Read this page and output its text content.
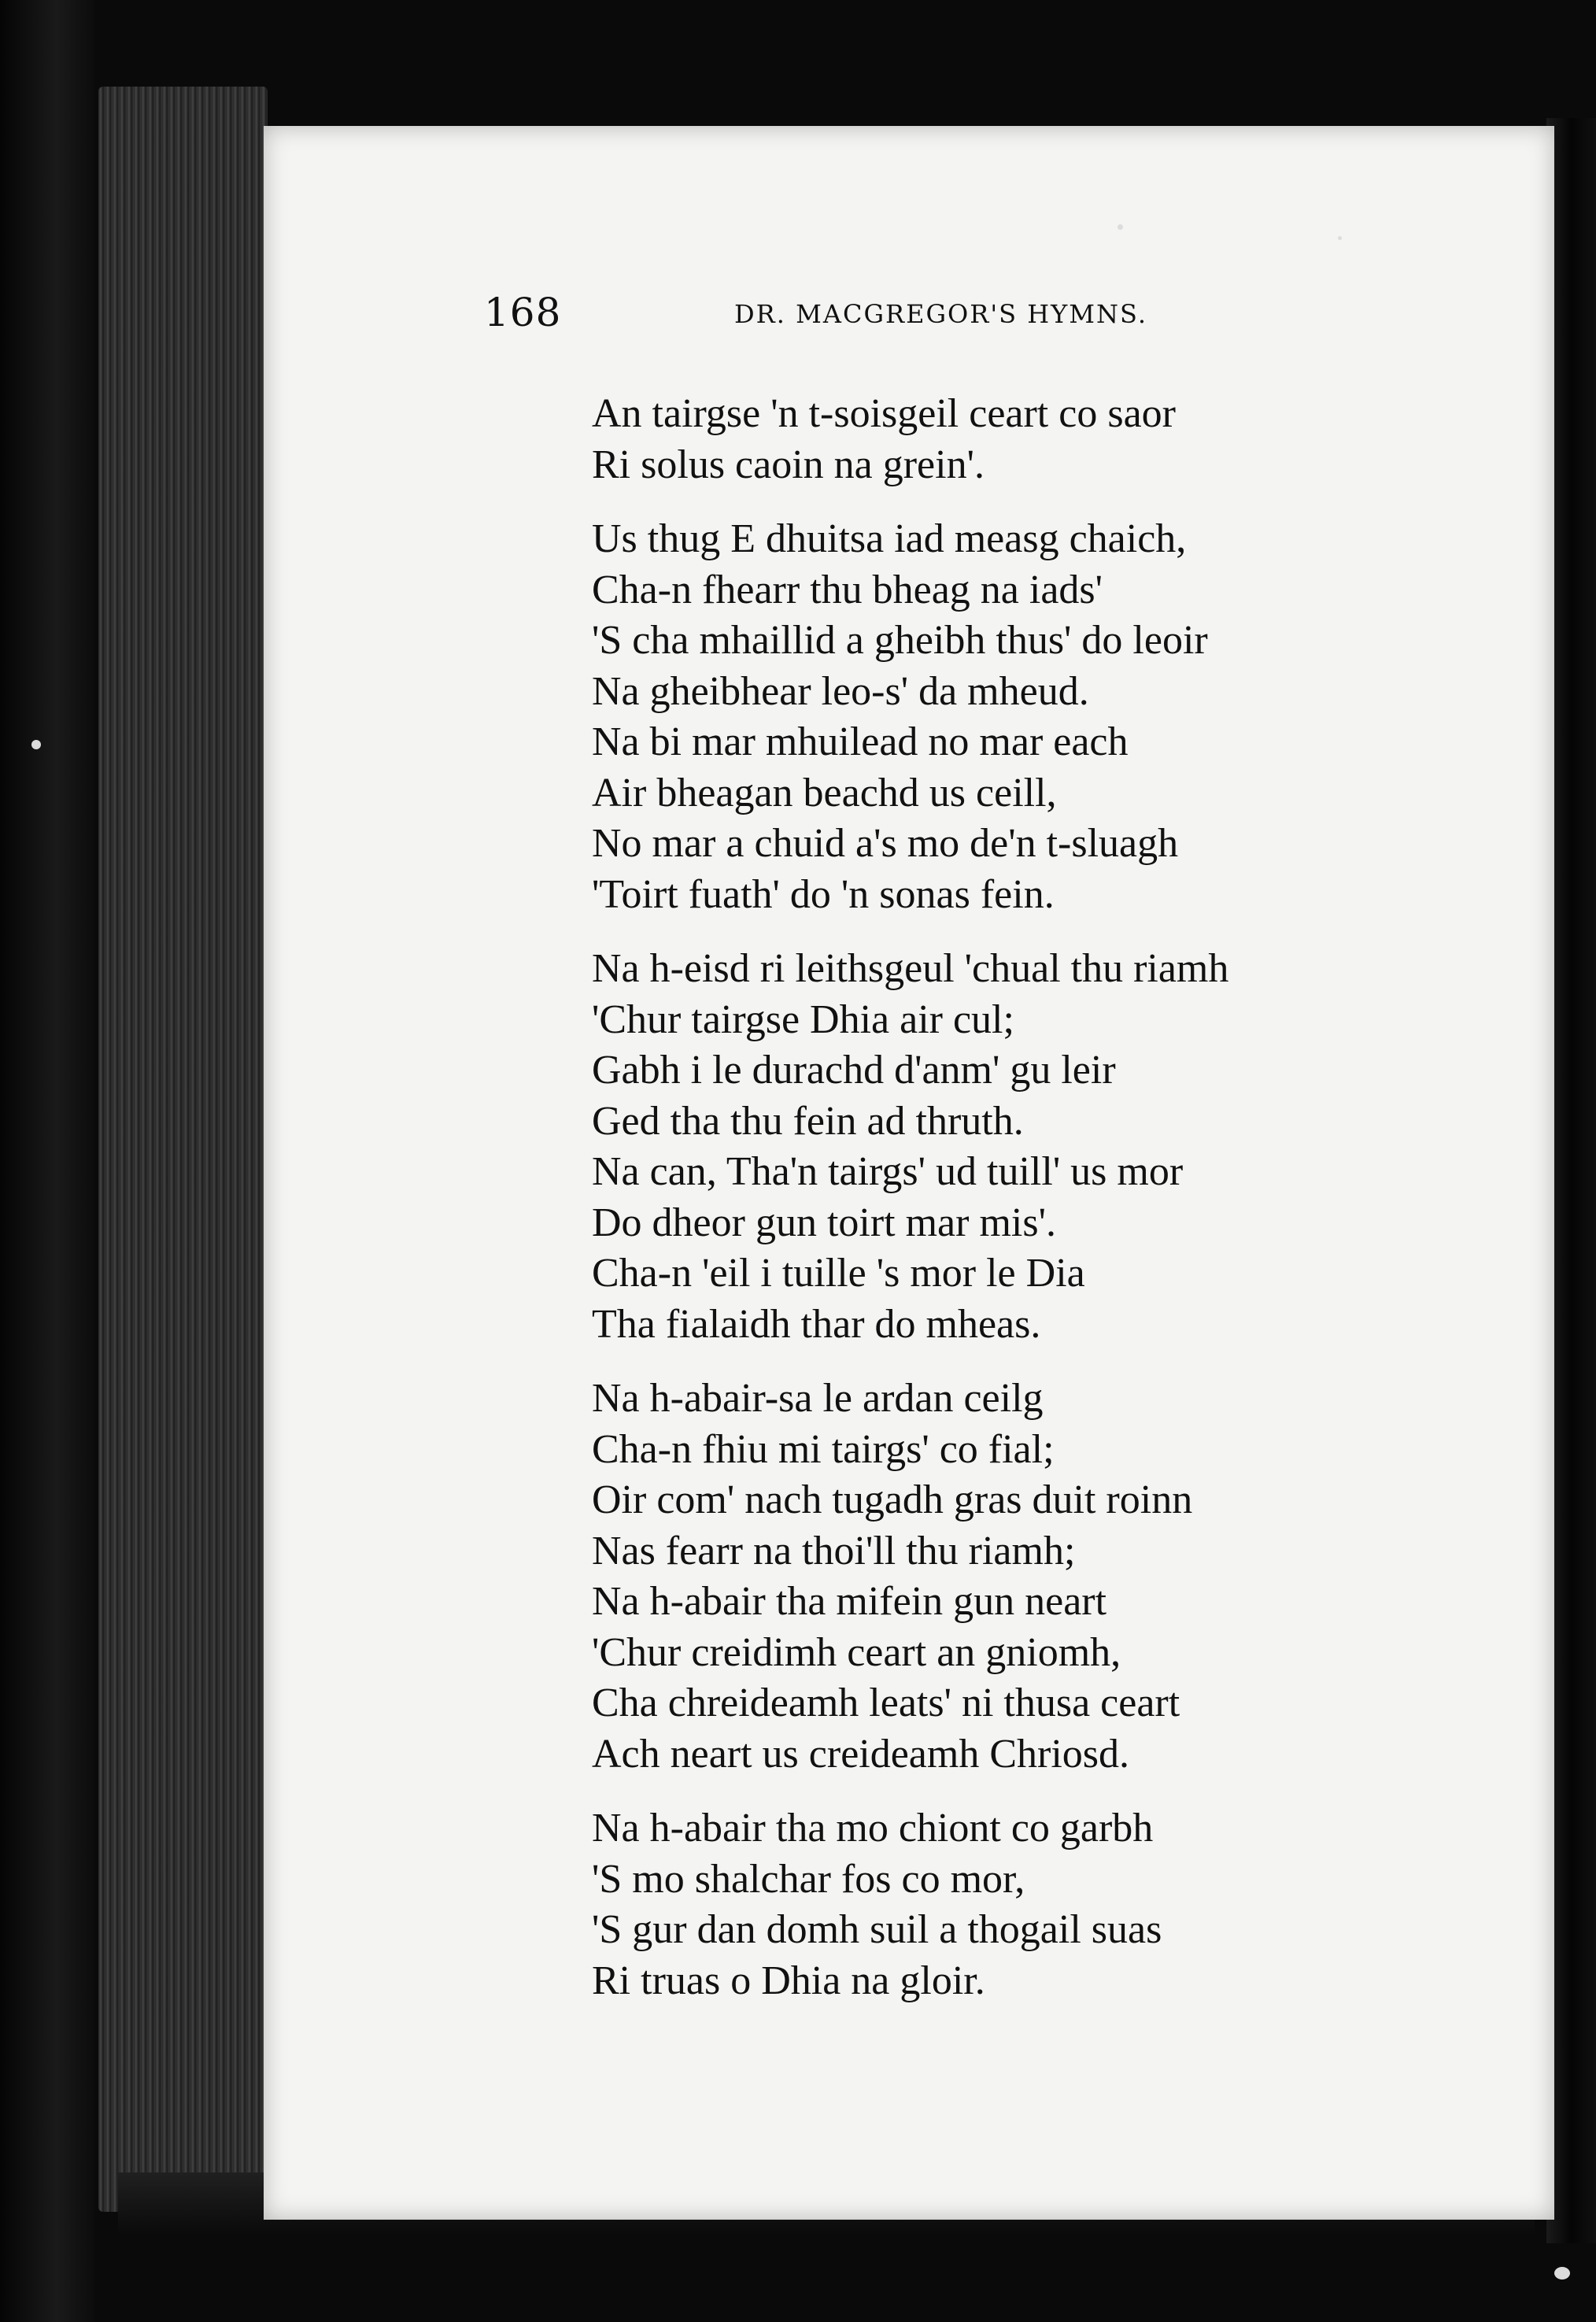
168	DR. MACGREGOR'S HYMNS.
An tairgse 'n t-soisgeil ceart co saor
Ri solus caoin na grein'.
Us thug E dhuitsa iad measg chaich,
Cha-n fhearr thu bheag na iads'
'S cha mhaillid a gheibh thus' do leoir
Na gheibhear leo-s' da mheud.
Na bi mar mhuilead no mar each
Air bheagan beachd us ceill,
No mar a chuid a's mo de'n t-sluagh
'Toirt fuath' do 'n sonas fein.
Na h-eisd ri leithsgeul 'chual thu riamh
'Chur tairgse Dhia air cul;
Gabh i le durachd d'anm' gu leir
Ged tha thu fein ad thruth.
Na can, Tha'n tairgs' ud tuill' us mor
Do dheor gun toirt mar mis'.
Cha-n 'eil i tuille 's mor le Dia
Tha fialaidh thar do mheas.
Na h-abair-sa le ardan ceilg
Cha-n fhiu mi tairgs' co fial;
Oir com' nach tugadh gras duit roinn
Nas fearr na thoi'll thu riamh;
Na h-abair tha mifein gun neart
'Chur creidimh ceart an gniomh,
Cha chreideamh leats' ni thusa ceart
Ach neart us creideamh Chriosd.
Na h-abair tha mo chiont co garbh
'S mo shalchar fos co mor,
'S gur dan domh suil a thogail suas
Ri truas o Dhia na gloir.
